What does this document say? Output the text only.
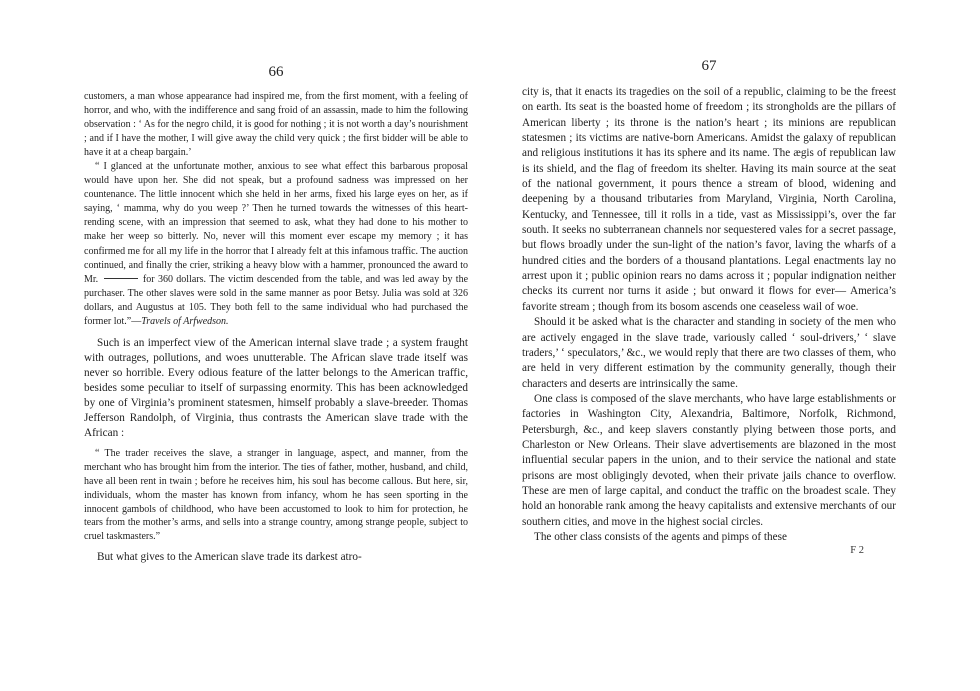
66

customers, a man whose appearance had inspired me, from the first moment, with a feeling of horror, and who, with the indifference and sang froid of an assassin, made to him the following observation : ‘ As for the negro child, it is good for nothing ; it is not worth a day’s nourishment ; and if I have the mother, I will give away the child very quick ; the first bidder will be able to have it at a cheap bargain.’

“ I glanced at the unfortunate mother, anxious to see what effect this barbarous proposal would have upon her. She did not speak, but a profound sadness was impressed on her countenance. The little innocent which she held in her arms, fixed his large eyes on her, as if saying, ‘ mamma, why do you weep ?’ Then he turned towards the witnesses of this heart-rending scene, with an impression that seemed to ask, what they had done to his mother to make her weep so bitterly. No, never will this moment ever escape my memory ; it has confirmed me for all my life in the horror that I already felt at this infamous traffic. The auction continued, and finally the crier, striking a heavy blow with a hammer, pronounced the award to Mr.	for 360 dollars. The victim descended from the table, and was led away by the purchaser. The other slaves were sold in the same manner as poor Betsy. Julia was sold at 326 dollars, and Augustus at 105. They both fell to the same individual who had purchased the former lot.”—Travels of Arfwedson.

Such is an imperfect view of the American internal slave trade ; a system fraught with outrages, pollutions, and woes unutterable. The African slave trade itself was never so horrible. Every odious feature of the latter belongs to the American traffic, besides some peculiar to itself of surpassing enormity. This has been acknowledged by one of Virginia’s prominent statesmen, himself probably a slave-breeder. Thomas Jefferson Randolph, of Virginia, thus contrasts the American slave trade with the African :

“ The trader receives the slave, a stranger in language, aspect, and manner, from the merchant who has brought him from the interior. The ties of father, mother, husband, and child, have all been rent in twain ; before he receives him, his soul has become callous. But here, sir, individuals, whom the master has known from infancy, whom he has seen sporting in the innocent gambols of childhood, who have been accustomed to look to him for protection, he tears from the mother’s arms, and sells into a strange country, among strange people, subject to cruel taskmasters.”

But what gives to the American slave trade its darkest atro-

67

city is, that it enacts its tragedies on the soil of a republic, claiming to be the freest on earth. Its seat is the boasted home of freedom ; its strongholds are the pillars of American liberty ; its throne is the nation’s heart ; its minions are republican statesmen ; its victims are native-born Americans. Amidst the galaxy of republican and religious institutions it has its sphere and its name. The ægis of republican law is its shield, and the flag of freedom its shelter. Having its main source at the seat of the national government, it pours thence a stream of blood, widening and deepening by a thousand tributaries from Maryland, Virginia, North Carolina, Kentucky, and Tennessee, till it rolls in a tide, vast as Mississippi’s, over the far south. It seeks no subterranean channels nor sequestered vales for a secret passage, but flows broadly under the sun-light of the nation’s favor, laving the wharfs of a hundred cities and the borders of a thousand plantations. Legal enactments lay no arrest upon it ; public opinion rears no dams across it ; popular indignation neither checks its current nor turns it aside ; but onward it flows for ever— America’s favorite stream ; though from its bosom ascends one ceaseless wail of woe.

Should it be asked what is the character and standing in society of the men who are actively engaged in the slave trade, variously called ‘ soul-drivers,’ ‘ slave traders,’ ‘ speculators,’ &c., we would reply that there are two classes of them, who are held in very different estimation by the community generally, though their characters and deserts are intrinsically the same.

One class is composed of the slave merchants, who have large establishments or factories in Washington City, Alexandria, Baltimore, Norfolk, Richmond, Petersburgh, &c., and keep slavers constantly plying between those ports, and Charleston or New Orleans. Their slave advertisements are blazoned in the most influential secular papers in the union, and to their service the national and state prisons are most obligingly devoted, when their private jails chance to overflow. These are men of large capital, and conduct the traffic on the broadest scale. They hold an honorable rank among the heavy capitalists and extensive merchants of our southern cities, and move in the highest social circles.

The other class consists of the agents and pimps of these

F 2
